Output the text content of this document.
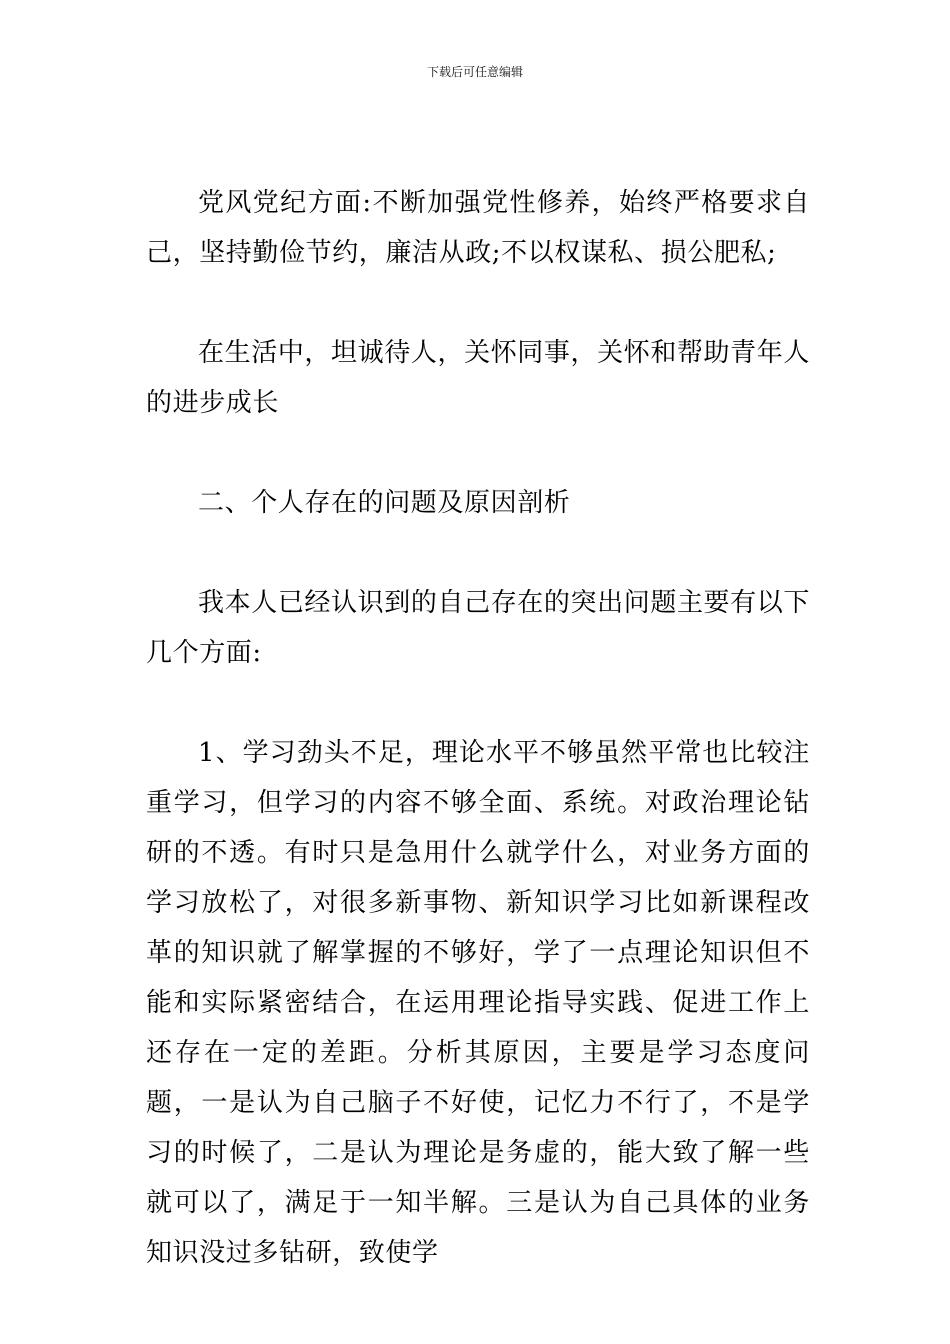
下载后可任意编辑

党风党纪方面:不断加强党性修养，始终严格要求自己，坚持勤俭节约，廉洁从政;不以权谋私、损公肥私;

在生活中，坦诚待人，关怀同事，关怀和帮助青年人的进步成长

二、个人存在的问题及原因剖析

我本人已经认识到的自己存在的突出问题主要有以下几个方面:

1、学习劲头不足，理论水平不够虽然平常也比较注重学习，但学习的内容不够全面、系统。对政治理论钻研的不透。有时只是急用什么就学什么，对业务方面的学习放松了，对很多新事物、新知识学习比如新课程改革的知识就了解掌握的不够好，学了一点理论知识但不能和实际紧密结合，在运用理论指导实践、促进工作上还存在一定的差距。分析其原因，主要是学习态度问题，一是认为自己脑子不好使，记忆力不行了，不是学习的时候了，二是认为理论是务虚的，能大致了解一些就可以了，满足于一知半解。三是认为自己具体的业务知识没过多钻研，致使学
